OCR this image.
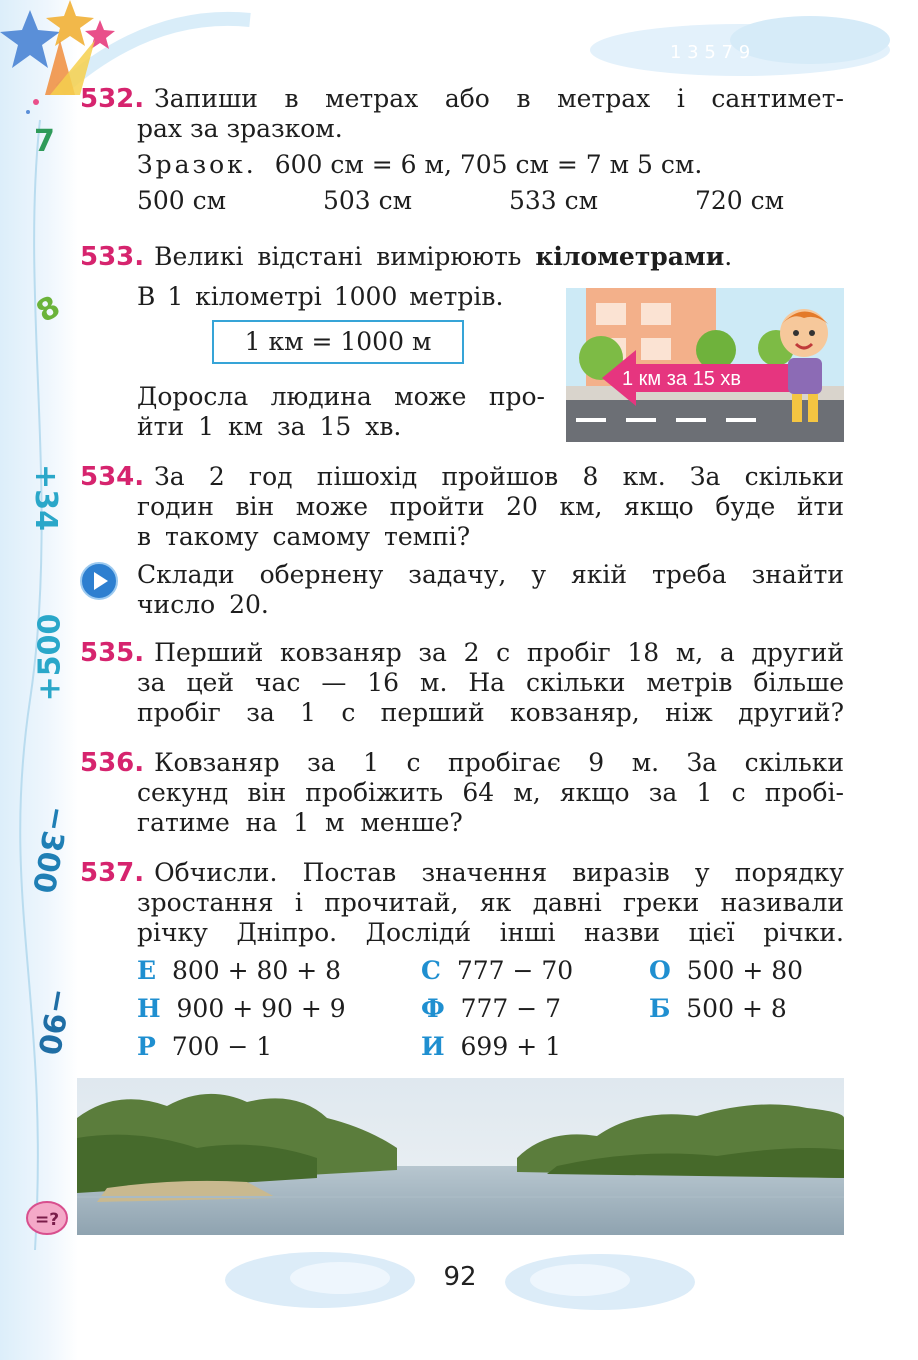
1 3 5 7 9
7
8
+34
+500
−300
−90
532. Запиши в метрах або в метрах і сантимет-
рах за зразком.
Зразок. 600 см = 6 м, 705 см = 7 м 5 см.
500 см	503 см	533 см	720 см
533. Великі відстані вимірюють кілометрами.
В 1 кілометрі 1000 метрів.
1 км = 1000 м
Доросла людина може про-
йти 1 км за 15 хв.
1 км за 15 хв
534. За 2 год пішохід пройшов 8 км. За скільки
годин він може пройти 20 км, якщо буде йти
в такому самому темпі?
Склади обернену задачу, у якій треба знайти
число 20.
535. Перший ковзаняр за 2 с пробіг 18 м, а другий
за цей час — 16 м. На скільки метрів більше
пробіг за 1 с перший ковзаняр, ніж другий?
536. Ковзаняр за 1 с пробігає 9 м. За скільки
секунд він пробіжить 64 м, якщо за 1 с пробі-
гатиме на 1 м менше?
537. Обчисли. Постав значення виразів у порядку
зростання і прочитай, як давні греки називали
річку Дніпро. Досліди́ інші назви цієї річки.
Е 800 + 80 + 8	С 777 − 70	О 500 + 80
Н 900 + 90 + 9	Ф 777 − 7	Б 500 + 8
Р 700 − 1	И 699 + 1
=?
92
